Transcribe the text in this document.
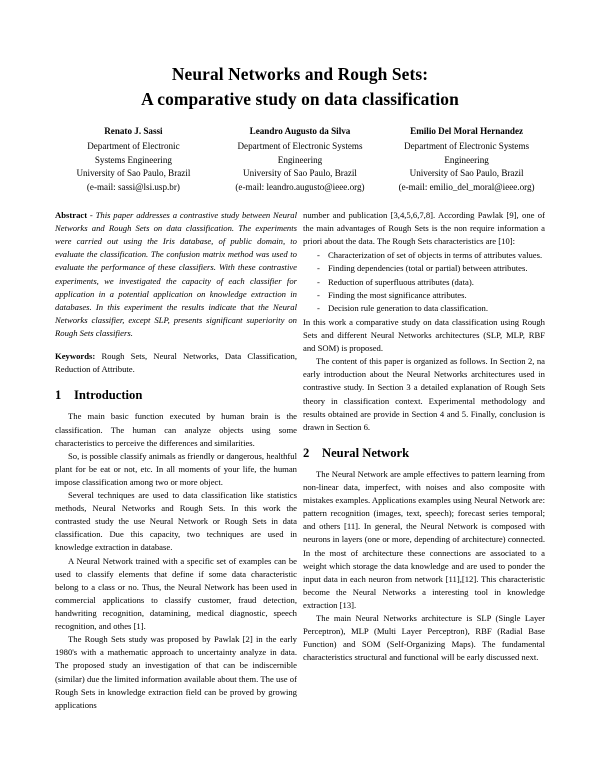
Neural Networks and Rough Sets:
A comparative study on data classification
Renato J. Sassi
Department of Electronic
Systems Engineering
University of Sao Paulo, Brazil
(e-mail: sassi@lsi.usp.br)
Leandro Augusto da Silva
Department of Electronic Systems
Engineering
University of Sao Paulo, Brazil
(e-mail: leandro.augusto@ieee.org)
Emilio Del Moral Hernandez
Department of Electronic Systems
Engineering
University of Sao Paulo, Brazil
(e-mail: emilio_del_moral@ieee.org)

Abstract - This paper addresses a contrastive study between Neural Networks and Rough Sets on data classification. The experiments were carried out using the Iris database, of public domain, to evaluate the classification. The confusion matrix method was used to evaluate the performance of these classifiers. With these contrastive experiments, we investigated the capacity of each classifier for application in a potential application on knowledge extraction in databases. In this experiment the results indicate that the Neural Networks classifier, except SLP, presents significant superiority on Rough Sets classifiers.

Keywords: Rough Sets, Neural Networks, Data Classification, Reduction of Attribute.

1 Introduction

The main basic function executed by human brain is the classification. The human can analyze objects using some characteristics to perceive the differences and similarities.

So, is possible classify animals as friendly or dangerous, healthful plant for be eat or not, etc. In all moments of your life, the human impose classification among two or more object.

Several techniques are used to data classification like statistics methods, Neural Networks and Rough Sets. In this work the contrasted study the use Neural Network or Rough Sets in data classification. Due this capacity, two techniques are used in knowledge extraction in database.

A Neural Network trained with a specific set of examples can be used to classify elements that define if some data characteristic belong to a class or no. Thus, the Neural Network has been used in commercial applications to classify customer, fraud detection, handwriting recognition, datamining, medical diagnostic, speech recognition, and othes [1].

The Rough Sets study was proposed by Pawlak [2] in the early 1980's with a mathematic approach to uncertainty analyze in data. The proposed study an investigation of that can be indiscernible (similar) due the limited information available about them. The use of Rough Sets in knowledge extraction field can be proved by growing applications

number and publication [3,4,5,6,7,8]. According Pawlak [9], one of the main advantages of Rough Sets is the non require information a priori about the data. The Rough Sets characteristics are [10]:

- Characterization of set of objects in terms of attributes values.
- Finding dependencies (total or partial) between attributes.
- Reduction of superfluous attributes (data).
- Finding the most significance attributes.
- Decision rule generation to data classification.

In this work a comparative study on data classification using Rough Sets and different Neural Networks architectures (SLP, MLP, RBF and SOM) is proposed.

The content of this paper is organized as follows. In Section 2, na early introduction about the Neural Networks architectures used in contrastive study. In Section 3 a detailed explanation of Rough Sets theory in classification context. Experimental methodology and results obtained are provide in Section 4 and 5. Finally, conclusion is drawn in Section 6.

2 Neural Network

The Neural Network are ample effectives to pattern learning from non-linear data, imperfect, with noises and also composite with mistakes examples. Applications examples using Neural Network are: pattern recognition (images, text, speech); forecast series temporal; and others [11]. In general, the Neural Network is composed with neurons in layers (one or more, depending of architecture) connected. In the most of architecture these connections are associated to a weight which storage the data knowledge and are used to ponder the input data in each neuron from network [11],[12]. This characteristic become the Neural Networks a interesting tool in knowledge extraction [13].

The main Neural Networks architecture is SLP (Single Layer Perceptron), MLP (Multi Layer Perceptron), RBF (Radial Base Function) and SOM (Self-Organizing Maps). The fundamental characteristics structural and functional will be early discussed next.
